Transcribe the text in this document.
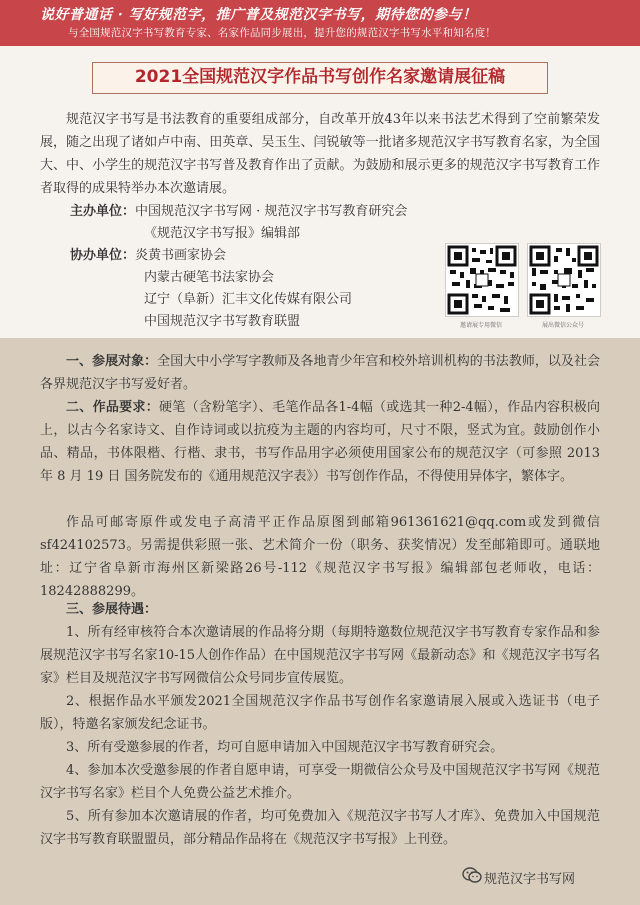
说好普通话 · 写好规范字，推广普及规范汉字书写，期待您的参与！
与全国规范汉字书写教育专家、名家作品同步展出，提升您的规范汉字书写水平和知名度！
2021全国规范汉字作品书写创作名家邀请展征稿

规范汉字书写是书法教育的重要组成部分，自改革开放43年以来书法艺术得到了空前繁荣发展，随之出现了诸如卢中南、田英章、吴玉生、闫锐敏等一批诸多规范汉字书写教育名家，为全国大、中、小学生的规范汉字书写普及教育作出了贡献。为鼓励和展示更多的规范汉字书写教育工作者取得的成果特举办本次邀请展。

主办单位：中国规范汉字书写网 · 规范汉字书写教育研究会
《规范汉字书写报》编辑部
协办单位：炎黄书画家协会
内蒙古硬笔书法家协会
辽宁（阜新）汇丰文化传媒有限公司
中国规范汉字书写教育联盟	邀请展专用微信	展出微信公众号

一、参展对象：全国大中小学写字教师及各地青少年宫和校外培训机构的书法教师，以及社会各界规范汉字书写爱好者。

二、作品要求：硬笔（含粉笔字）、毛笔作品各1-4幅（或选其一种2-4幅），作品内容积极向上，以古今名家诗文、自作诗词或以抗疫为主题的内容均可，尺寸不限，竖式为宜。鼓励创作小品、精品，书体限楷、行楷、隶书，书写作品用字必须使用国家公布的规范汉字（可参照 2013 年 8 月 19 日 国务院发布的《通用规范汉字表》）书写创作作品，不得使用异体字，繁体字。

作品可邮寄原件或发电子高清平正作品原图到邮箱961361621@qq.com或发到微信sf424102573。另需提供彩照一张、艺术简介一份（职务、获奖情况）发至邮箱即可。通联地址：辽宁省阜新市海州区新梁路26号-112《规范汉字书写报》编辑部包老师收，电话：18242888299。

三、参展待遇：

1、所有经审核符合本次邀请展的作品将分期（每期特邀数位规范汉字书写教育专家作品和参展规范汉字书写名家10-15人创作作品）在中国规范汉字书写网《最新动态》和《规范汉字书写名家》栏目及规范汉字书写网微信公众号同步宣传展览。

2、根据作品水平颁发2021全国规范汉字作品书写创作名家邀请展入展或入选证书（电子版），特邀名家颁发纪念证书。

3、所有受邀参展的作者，均可自愿申请加入中国规范汉字书写教育研究会。

4、参加本次受邀参展的作者自愿申请，可享受一期微信公众号及中国规范汉字书写网《规范汉字书写名家》栏目个人免费公益艺术推介。

5、所有参加本次邀请展的作者，均可免费加入《规范汉字书写人才库》、免费加入中国规范汉字书写教育联盟盟员，部分精品作品将在《规范汉字书写报》上刊登。

规范汉字书写网
